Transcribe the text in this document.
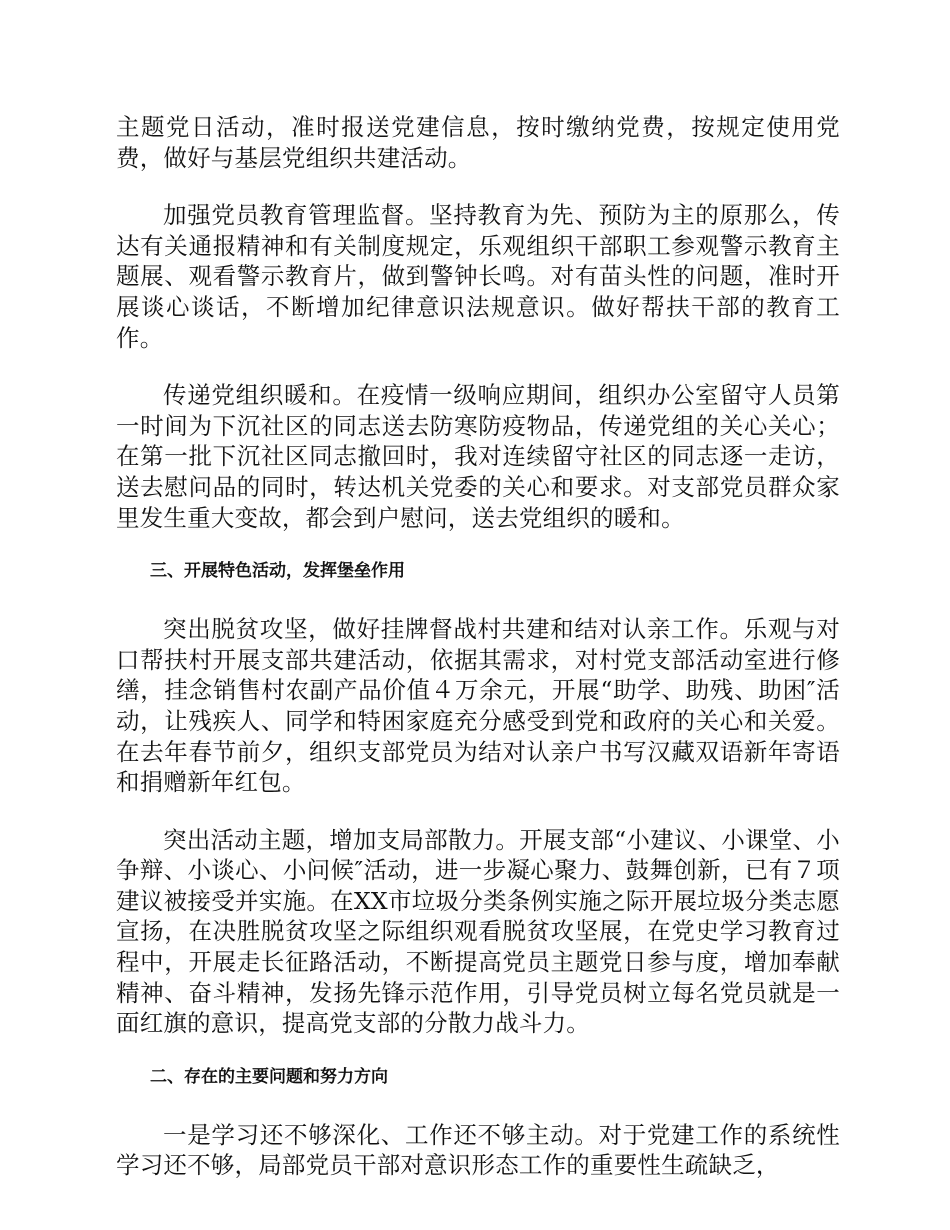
主题党日活动，准时报送党建信息，按时缴纳党费，按规定使用党费，做好与基层党组织共建活动。

加强党员教育管理监督。坚持教育为先、预防为主的原那么，传达有关通报精神和有关制度规定，乐观组织干部职工参观警示教育主题展、观看警示教育片，做到警钟长鸣。对有苗头性的问题，准时开展谈心谈话，不断增加纪律意识法规意识。做好帮扶干部的教育工作。

传递党组织暖和。在疫情一级响应期间，组织办公室留守人员第一时间为下沉社区的同志送去防寒防疫物品，传递党组的关心关心；在第一批下沉社区同志撤回时，我对连续留守社区的同志逐一走访，送去慰问品的同时，转达机关党委的关心和要求。对支部党员群众家里发生重大变故，都会到户慰问，送去党组织的暖和。

三、开展特色活动，发挥堡垒作用

突出脱贫攻坚，做好挂牌督战村共建和结对认亲工作。乐观与对口帮扶村开展支部共建活动，依据其需求，对村党支部活动室进行修缮，挂念销售村农副产品价值４万余元，开展“助学、助残、助困″活动，让残疾人、同学和特困家庭充分感受到党和政府的关心和关爱。在去年春节前夕，组织支部党员为结对认亲户书写汉藏双语新年寄语和捐赠新年红包。

突出活动主题，增加支局部散力。开展支部“小建议、小课堂、小争辩、小谈心、小问候″活动，进一步凝心聚力、鼓舞创新，已有７项建议被接受并实施。在XX市垃圾分类条例实施之际开展垃圾分类志愿宣扬，在决胜脱贫攻坚之际组织观看脱贫攻坚展，在党史学习教育过程中，开展走长征路活动，不断提高党员主题党日参与度，增加奉献精神、奋斗精神，发扬先锋示范作用，引导党员树立每名党员就是一面红旗的意识，提高党支部的分散力战斗力。

二、存在的主要问题和努力方向

一是学习还不够深化、工作还不够主动。对于党建工作的系统性学习还不够，局部党员干部对意识形态工作的重要性生疏缺乏，
